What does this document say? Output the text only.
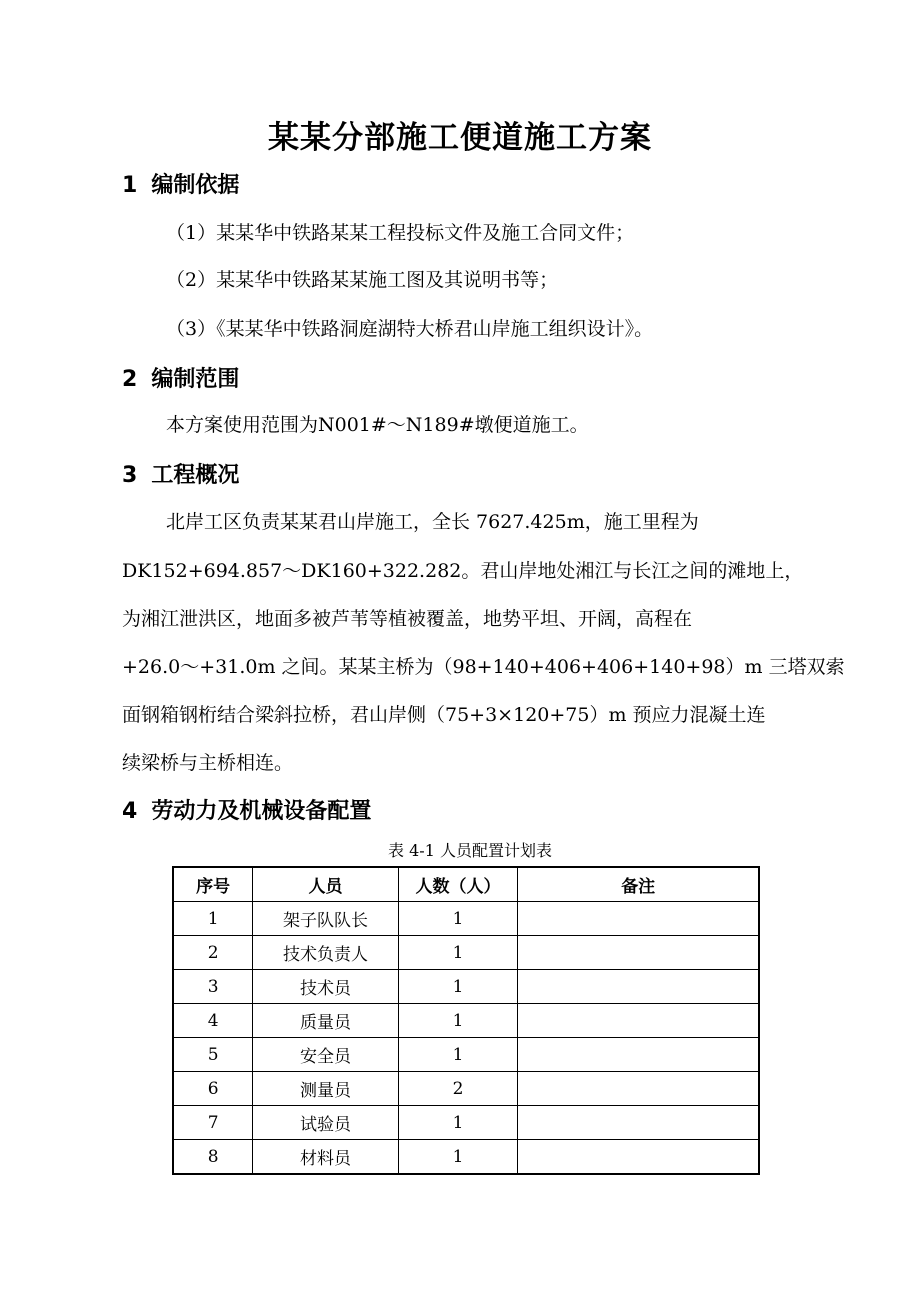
某某分部施工便道施工方案
1 编制依据
（1）某某华中铁路某某工程投标文件及施工合同文件；
（2）某某华中铁路某某施工图及其说明书等；
（3）《某某华中铁路洞庭湖特大桥君山岸施工组织设计》。
2 编制范围
本方案使用范围为N001#～N189#墩便道施工。
3 工程概况
北岸工区负责某某君山岸施工，全长 7627.425m，施工里程为
DK152+694.857～DK160+322.282。君山岸地处湘江与长江之间的滩地上，
为湘江泄洪区，地面多被芦苇等植被覆盖，地势平坦、开阔，高程在
+26.0～+31.0m 之间。某某主桥为（98+140+406+406+140+98）m 三塔双索
面钢箱钢桁结合梁斜拉桥，君山岸侧（75+3×120+75）m 预应力混凝土连
续梁桥与主桥相连。
4 劳动力及机械设备配置
表 4-1 人员配置计划表
序号	人员	人数（人）	备注
1	架子队队长	1	
2	技术负责人	1	
3	技术员	1	
4	质量员	1	
5	安全员	1	
6	测量员	2	
7	试验员	1	
8	材料员	1	
